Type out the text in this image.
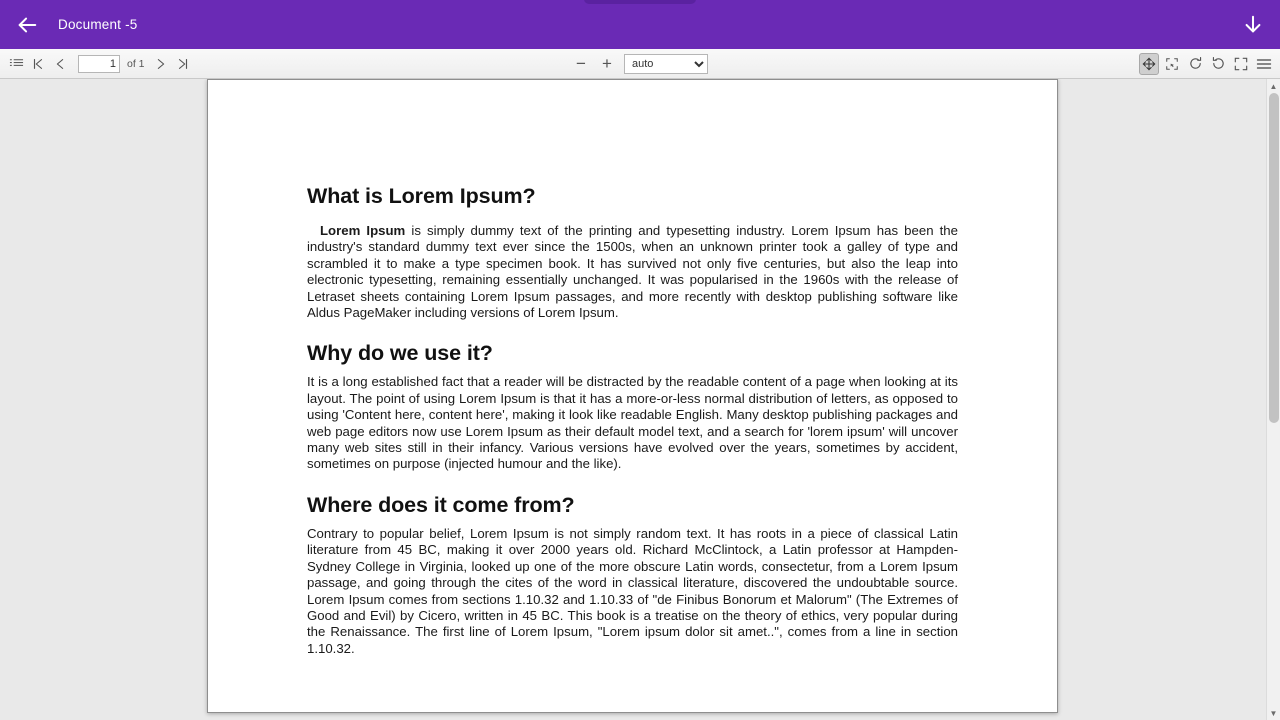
Document -5
1
of 1	− +
auto
What is Lorem Ipsum?

Lorem Ipsum is simply dummy text of the printing and typesetting industry. Lorem Ipsum has been the industry's standard dummy text ever since the 1500s, when an unknown printer took a galley of type and scrambled it to make a type specimen book. It has survived not only five centuries, but also the leap into electronic typesetting, remaining essentially unchanged. It was popularised in the 1960s with the release of Letraset sheets containing Lorem Ipsum passages, and more recently with desktop publishing software like Aldus PageMaker including versions of Lorem Ipsum.

Why do we use it?

It is a long established fact that a reader will be distracted by the readable content of a page when looking at its layout. The point of using Lorem Ipsum is that it has a more-or-less normal distribution of letters, as opposed to using 'Content here, content here', making it look like readable English. Many desktop publishing packages and web page editors now use Lorem Ipsum as their default model text, and a search for 'lorem ipsum' will uncover many web sites still in their infancy. Various versions have evolved over the years, sometimes by accident, sometimes on purpose (injected humour and the like).

Where does it come from?

Contrary to popular belief, Lorem Ipsum is not simply random text. It has roots in a piece of classical Latin literature from 45 BC, making it over 2000 years old. Richard McClintock, a Latin professor at Hampden-Sydney College in Virginia, looked up one of the more obscure Latin words, consectetur, from a Lorem Ipsum passage, and going through the cites of the word in classical literature, discovered the undoubtable source. Lorem Ipsum comes from sections 1.10.32 and 1.10.33 of "de Finibus Bonorum et Malorum" (The Extremes of Good and Evil) by Cicero, written in 45 BC. This book is a treatise on the theory of ethics, very popular during the Renaissance. The first line of Lorem Ipsum, "Lorem ipsum dolor sit amet..", comes from a line in section 1.10.32.

▲
▼
